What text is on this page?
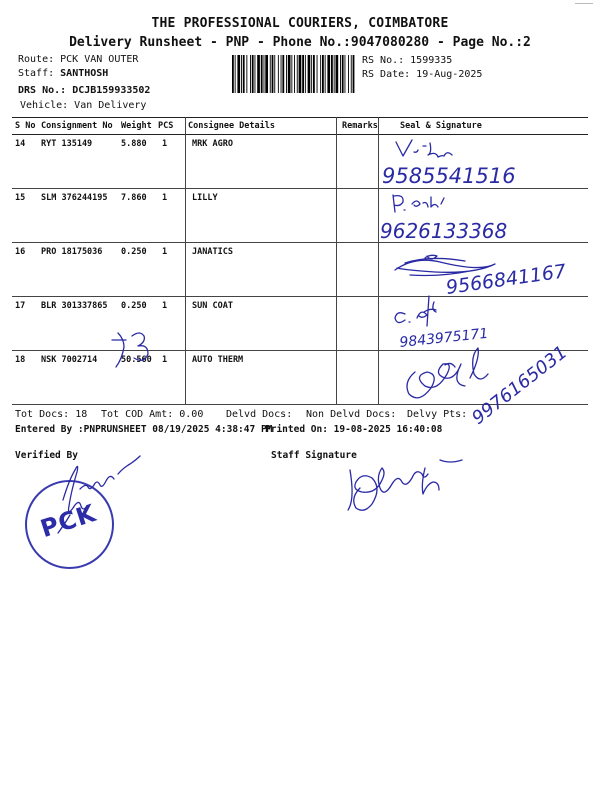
THE PROFESSIONAL COURIERS, COIMBATORE
Delivery Runsheet - PNP - Phone No.:9047080280 - Page No.:2
Route: PCK VAN OUTER
Staff: SANTHOSH
DRS No.: DCJB159933502
Vehicle: Van Delivery
RS No.: 1599335
RS Date: 19-Aug-2025
S No Consignment No Weight PCS Consignee Details	Remarks	Seal & Signature
14 RYT 135149	5.880 1	MRK AGRO
15 SLM 376244195 7.860 1	LILLY
16 PRO 18175036 0.250 1	JANATICS
17 BLR 301337865 0.250 1	SUN COAT
18 NSK 7002714	50.560 1	AUTO THERM
Tot Docs: 18 Tot COD Amt: 0.00 Delvd Docs: Non Delvd Docs: Delvy Pts:
Entered By :PNPRUNSHEET 08/19/2025 4:38:47 PM
Printed On: 19-08-2025 16:40:08
Verified By	Staff Signature
PCK
9585541516
9626133368
9566841167
9843975171
9976165031
